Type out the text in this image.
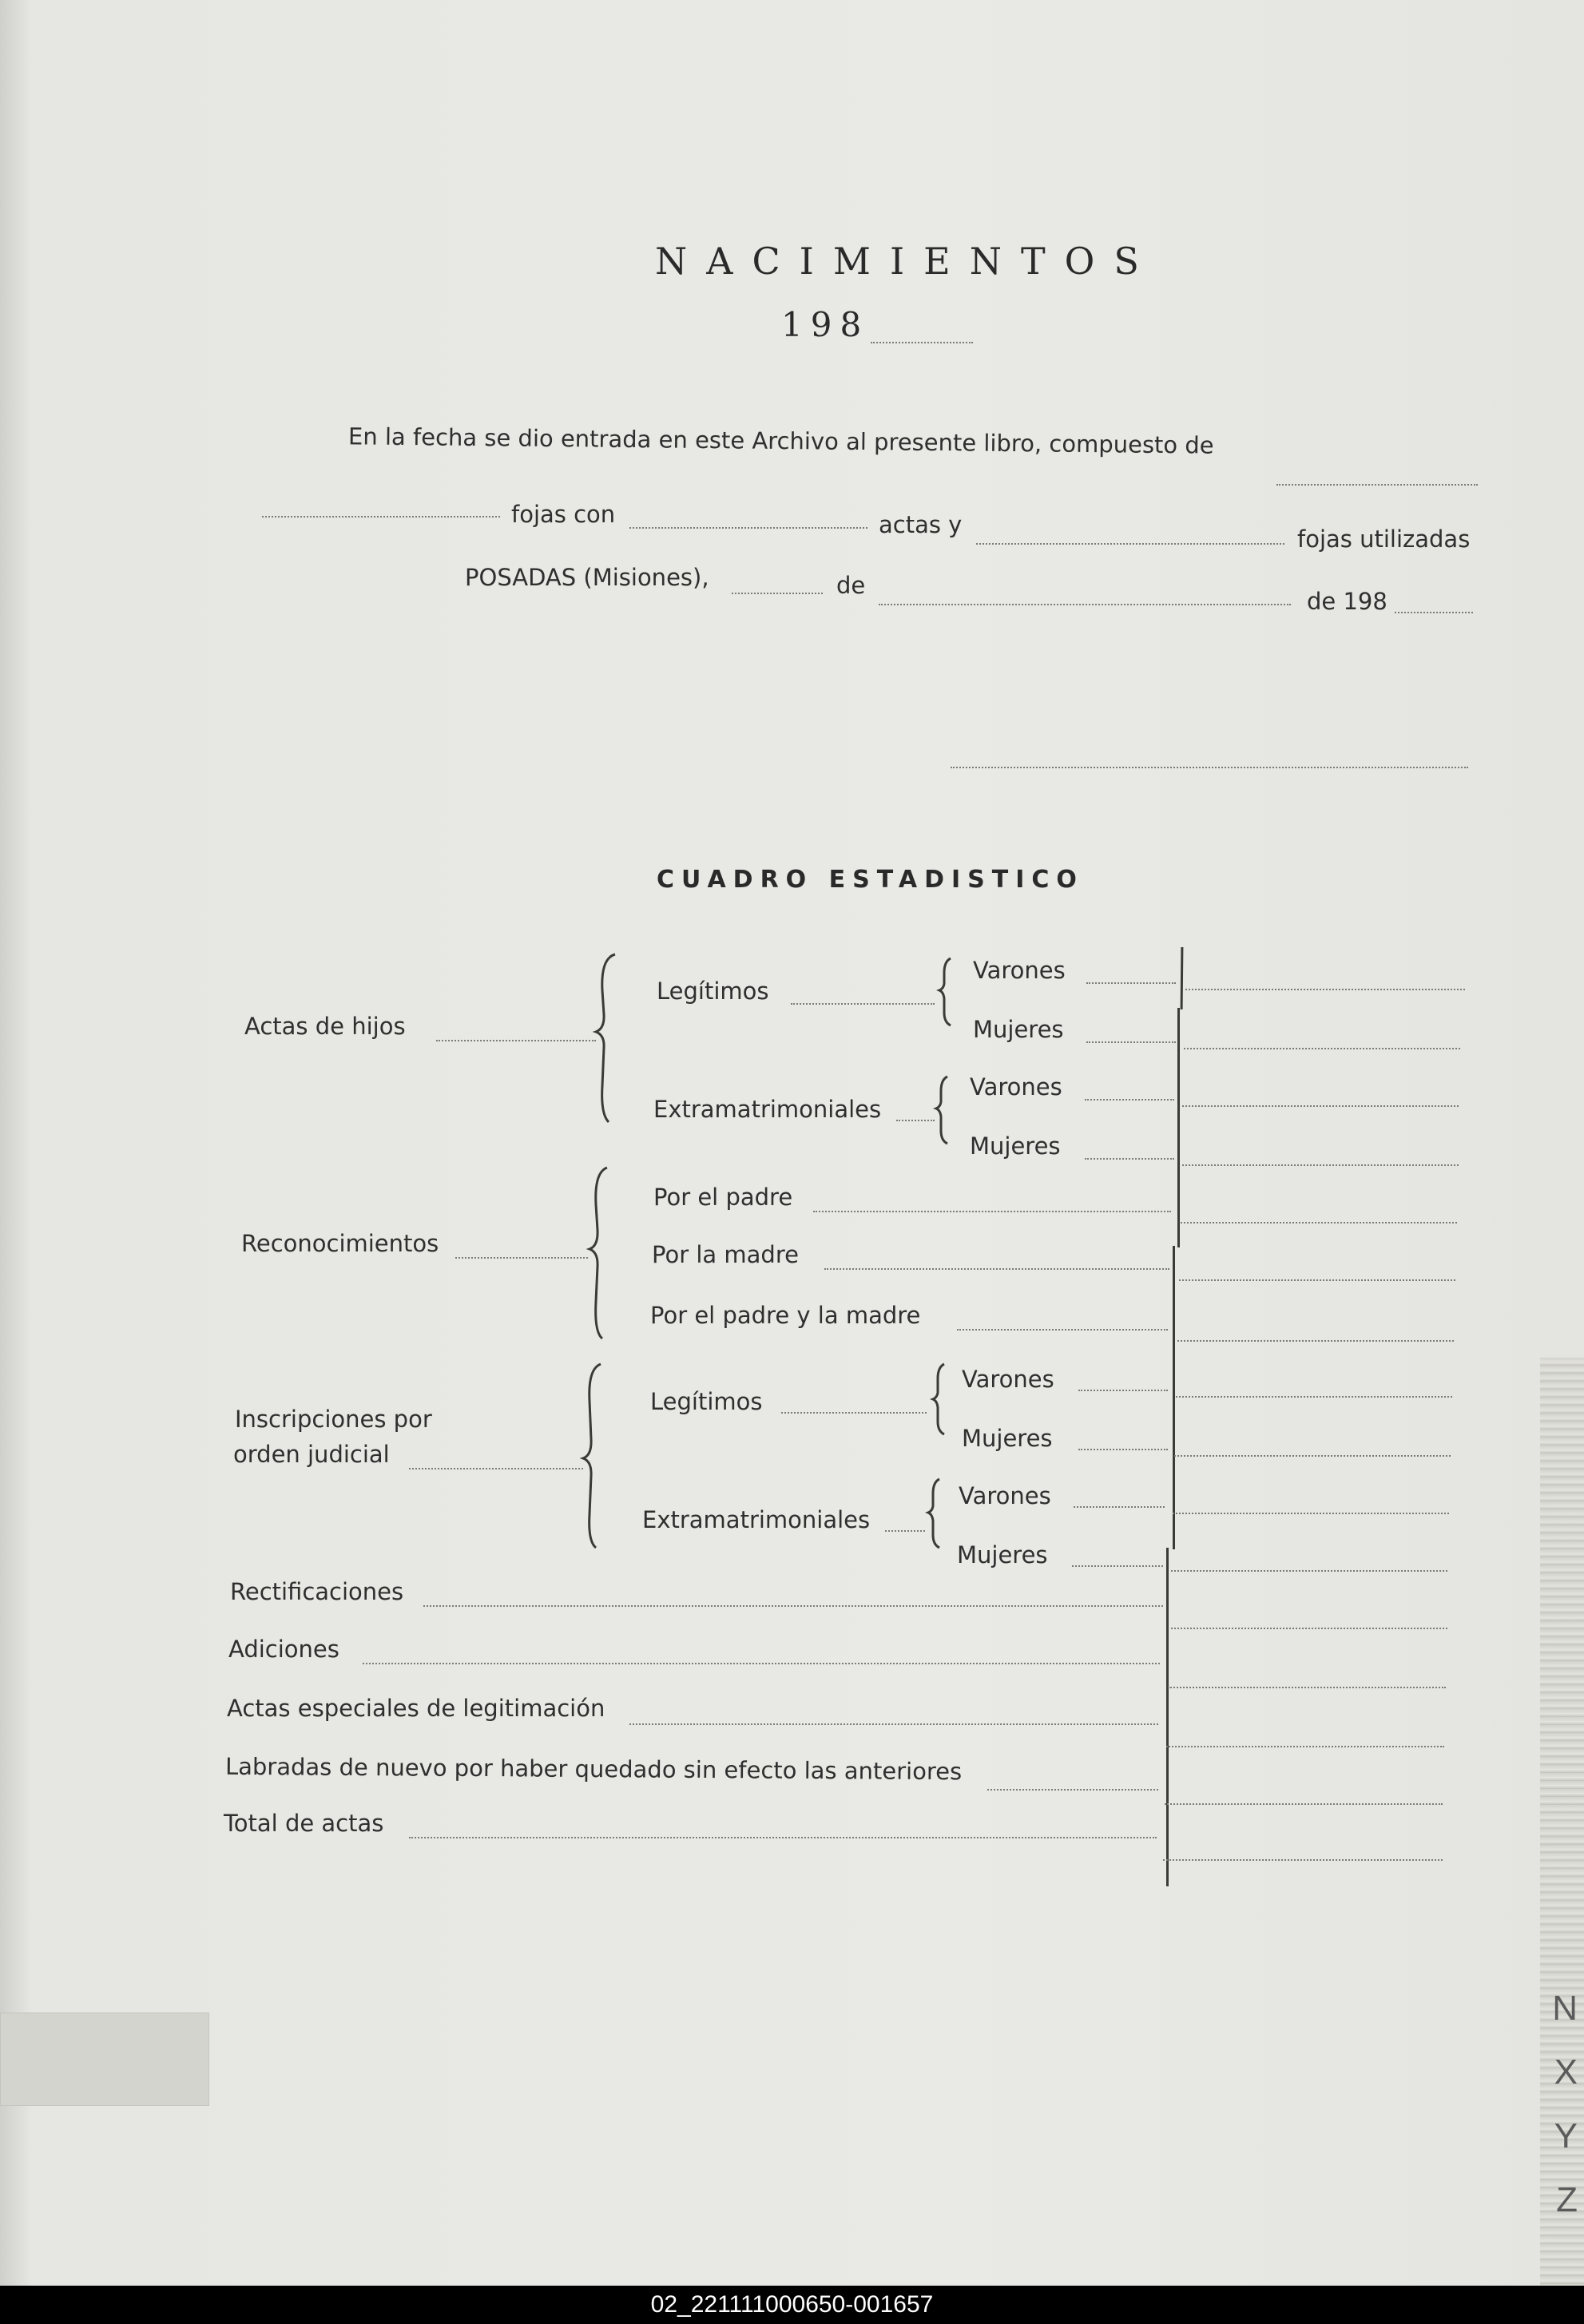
N
X
Y
Z
NACIMIENTOS
198
En la fecha se dio entrada en este Archivo al presente libro, compuesto de
fojas con	actas y
fojas utilizadas
POSADAS (Misiones),	de
de 198
CUADRO ESTADISTICO
Actas de hijos
Legítimos
Varones
Mujeres
Extramatrimoniales
Varones
Mujeres
Reconocimientos
Por el padre
Por la madre
Por el padre y la madre
Inscripciones por
orden judicial
Legítimos
Varones
Mujeres
Extramatrimoniales
Varones
Mujeres
Rectificaciones
Adiciones
Actas especiales de legitimación
Labradas de nuevo por haber quedado sin efecto las anteriores
Total de actas
02_221111000650-001657
